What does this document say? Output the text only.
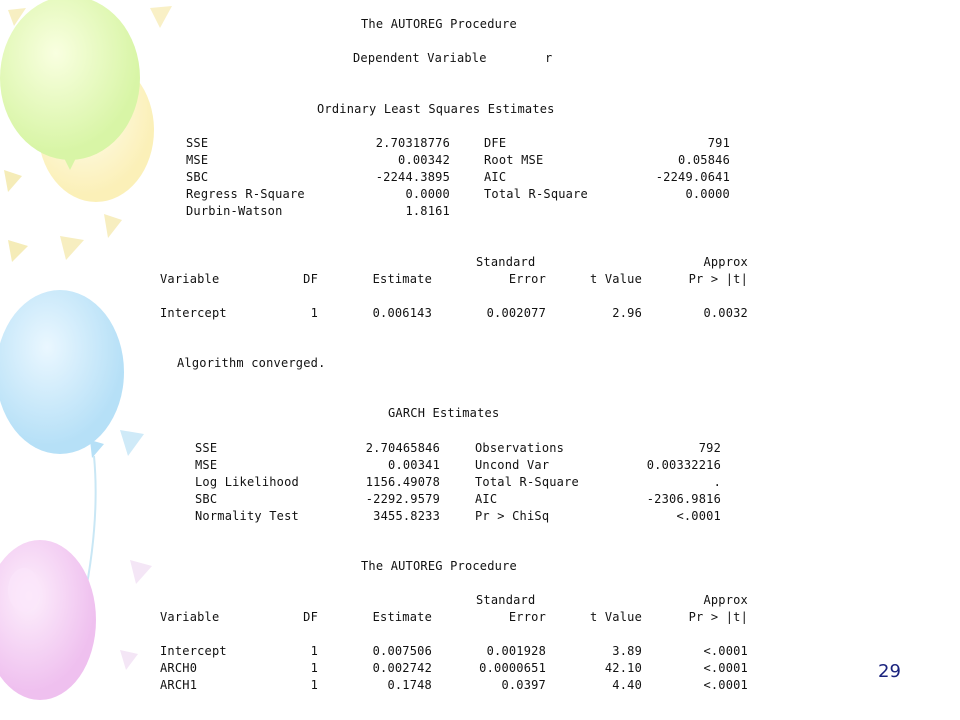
The AUTOREG Procedure
Dependent Variable	r
Ordinary Least Squares Estimates
SSE	2.70318776	DFE	791
MSE	0.00342	Root MSE	0.05846
SBC	-2244.3895	AIC	-2249.0641
Regress R-Square	0.0000	Total R-Square	0.0000
Durbin-Watson	1.8161
Standard	Approx
Variable	DF	Estimate	Error	t Value	Pr > |t|
Intercept	1	0.006143	0.002077	2.96	0.0032
Algorithm converged.
GARCH Estimates
SSE	2.70465846	Observations	792
MSE	0.00341	Uncond Var	0.00332216
Log Likelihood	1156.49078	Total R-Square	.
SBC	-2292.9579	AIC	-2306.9816
Normality Test	3455.8233	Pr > ChiSq	<.0001
The AUTOREG Procedure
Standard	Approx
Variable	DF	Estimate	Error	t Value	Pr > |t|
Intercept	1	0.007506	0.001928	3.89	<.0001
ARCH0	1	0.002742	0.0000651	42.10	<.0001
ARCH1	1	0.1748	0.0397	4.40	<.0001
29
